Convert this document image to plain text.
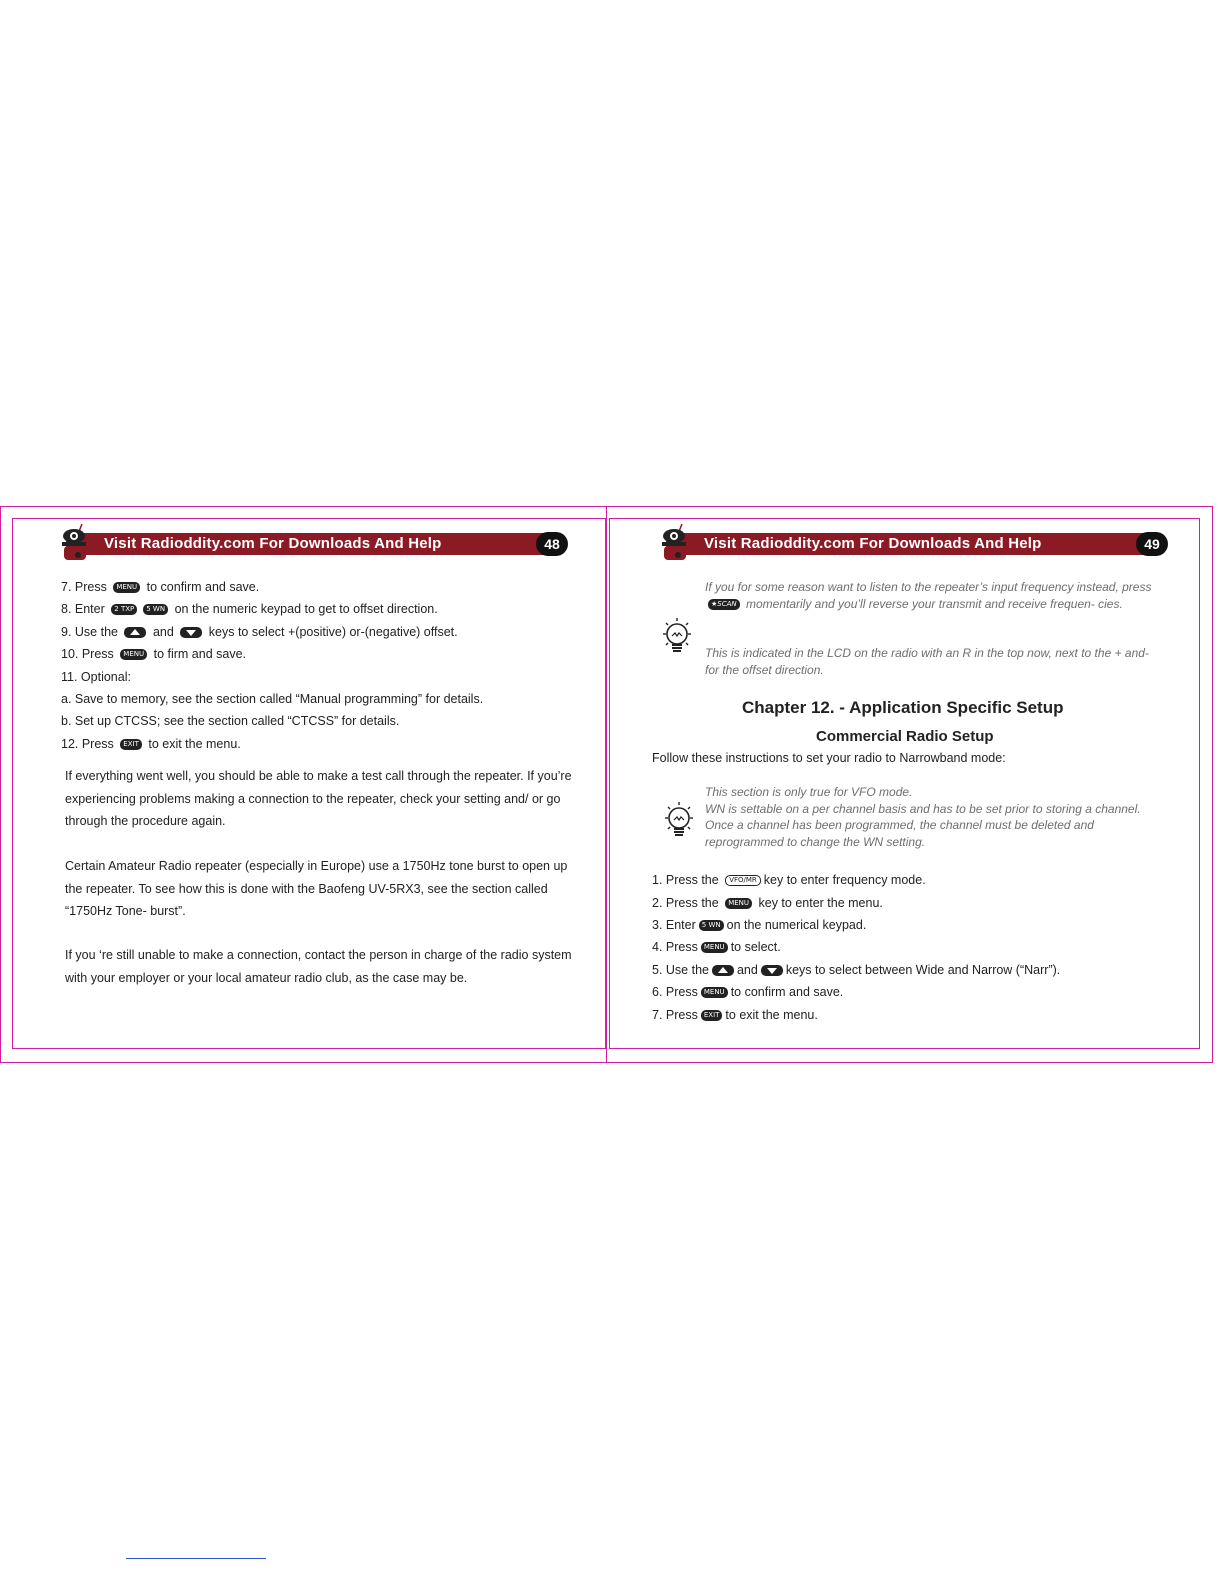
Visit Radioddity.com For Downloads And Help	48
7. Press MENU to confirm and save.
8. Enter 2 TXP 5 WN on the numeric keypad to get to offset direction.
9. Use the	and	keys to select +(positive) or-(negative) offset.
10. Press MENU to firm and save.
11. Optional:
a. Save to memory, see the section called “Manual programming” for details.
b. Set up CTCSS; see the section called “CTCSS” for details.
12. Press EXIT to exit the menu.
If everything went well, you should be able to make a test call through the repeater. If you’re experiencing problems making a connection to the repeater, check your setting and/ or go through the procedure again.
Certain Amateur Radio repeater (especially in Europe) use a 1750Hz tone burst to open up the repeater. To see how this is done with the Baofeng UV-5RX3, see the section called “1750Hz Tone- burst”.
If you ‘re still unable to make a connection, contact the person in charge of the radio system with your employer or your local amateur radio club, as the case may be.
Visit Radioddity.com For Downloads And Help	49
If you for some reason want to listen to the repeater’s input frequency instead, press ★SCAN momentarily and you’ll reverse your transmit and receive frequen- cies.
This is indicated in the LCD on the radio with an R in the top now, next to the + and- for the offset direction.
Chapter 12. - Application Specific Setup
Commercial Radio Setup
Follow these instructions to set your radio to Narrowband mode:
This section is only true for VFO mode.
WN is settable on a per channel basis and has to be set prior to storing a channel.
Once a channel has been programmed, the channel must be deleted and reprogrammed to change the WN setting.
1. Press the VFO/MR key to enter frequency mode.
2. Press the MENU key to enter the menu.
3. Enter 5 WN on the numerical keypad.
4. Press MENU to select.
5. Use the and keys to select between Wide and Narrow (“Narr”).
6. Press MENU to confirm and save.
7. Press EXIT to exit the menu.
